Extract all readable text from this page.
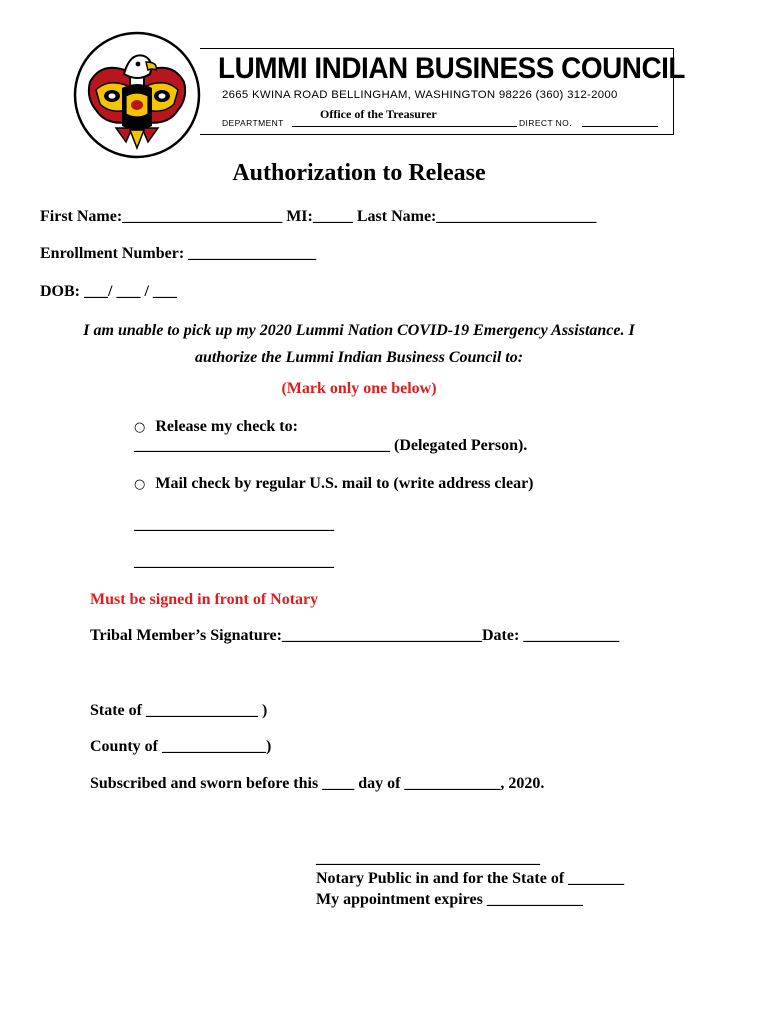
LUMMI INDIAN BUSINESS COUNCIL
2665 KWINA ROAD BELLINGHAM, WASHINGTON 98226 (360) 312-2000
DEPARTMENT
Office of the Treasurer
DIRECT NO.
Authorization to Release
First Name:____________________ MI:_____ Last Name:____________________
Enrollment Number: ________________
DOB: ___/ ___ / ___
I am unable to pick up my 2020 Lummi Nation COVID-19 Emergency Assistance. I
authorize the Lummi Indian Business Council to:
(Mark only one below)
○ Release my check to:
________________________________ (Delegated Person).
○ Mail check by regular U.S. mail to (write address clear)
_________________________
_________________________
Must be signed in front of Notary
Tribal Member’s Signature:_________________________Date: ____________
State of ______________ )
County of _____________)
Subscribed and sworn before this ____ day of ____________, 2020.
____________________________
Notary Public in and for the State of _______
My appointment expires ____________
